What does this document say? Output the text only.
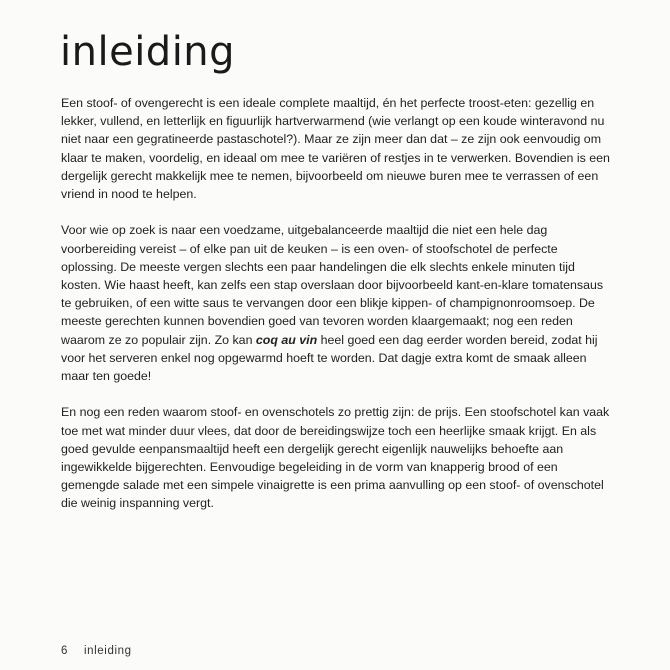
inleiding

Een stoof- of ovengerecht is een ideale complete maaltijd, én het perfecte troost-eten: gezellig en lekker, vullend, en letterlijk en figuurlijk hartverwarmend (wie verlangt op een koude winteravond nu niet naar een gegratineerde pastaschotel?). Maar ze zijn meer dan dat – ze zijn ook eenvoudig om klaar te maken, voordelig, en ideaal om mee te variëren of restjes in te verwerken. Bovendien is een dergelijk gerecht makkelijk mee te nemen, bijvoorbeeld om nieuwe buren mee te verrassen of een vriend in nood te helpen.

Voor wie op zoek is naar een voedzame, uitgebalanceerde maaltijd die niet een hele dag voorbereiding vereist – of elke pan uit de keuken – is een oven- of stoofschotel de perfecte oplossing. De meeste vergen slechts een paar handelingen die elk slechts enkele minuten tijd kosten. Wie haast heeft, kan zelfs een stap overslaan door bijvoorbeeld kant-en-klare tomatensaus te gebruiken, of een witte saus te vervangen door een blikje kippen- of champignonroomsoep. De meeste gerechten kunnen bovendien goed van tevoren worden klaargemaakt; nog een reden waarom ze zo populair zijn. Zo kan coq au vin heel goed een dag eerder worden bereid, zodat hij voor het serveren enkel nog opgewarmd hoeft te worden. Dat dagje extra komt de smaak alleen maar ten goede!

En nog een reden waarom stoof- en ovenschotels zo prettig zijn: de prijs. Een stoofschotel kan vaak toe met wat minder duur vlees, dat door de bereidingswijze toch een heerlijke smaak krijgt. En als goed gevulde eenpansmaaltijd heeft een dergelijk gerecht eigenlijk nauwelijks behoefte aan ingewikkelde bijgerechten. Eenvoudige begeleiding in de vorm van knapperig brood of een gemengde salade met een simpele vinaigrette is een prima aanvulling op een stoof- of ovenschotel die weinig inspanning vergt.

6 inleiding
